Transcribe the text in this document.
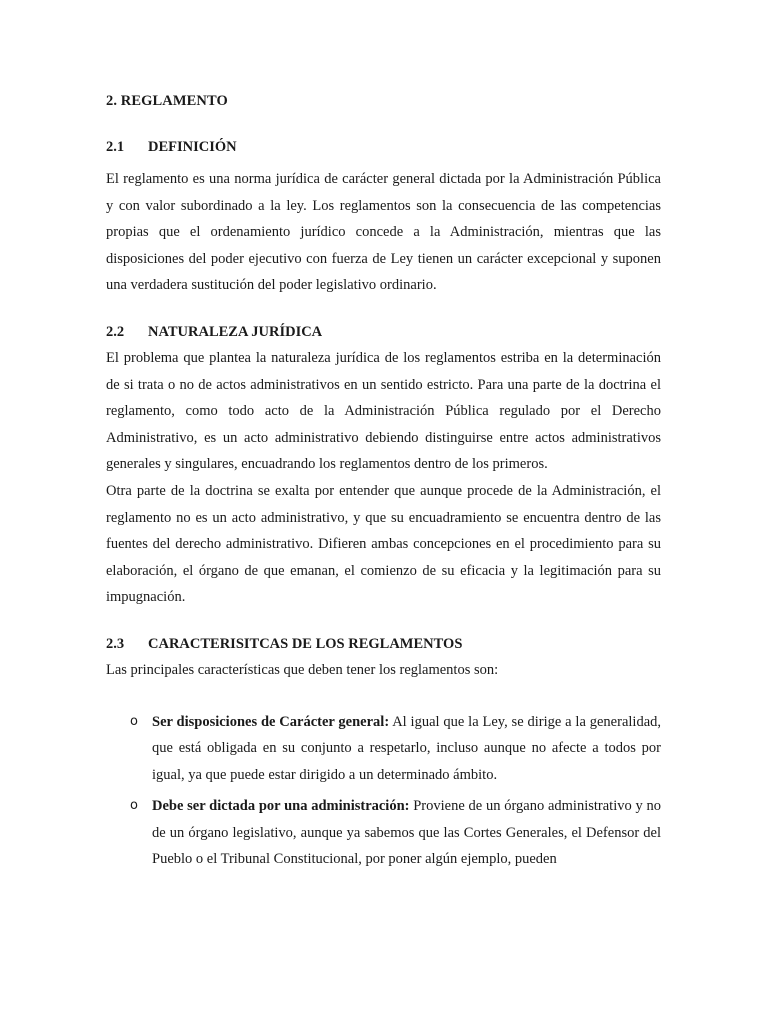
2. REGLAMENTO
2.1	DEFINICIÓN

El reglamento es una norma jurídica de carácter general dictada por la Administración Pública y con valor subordinado a la ley. Los reglamentos son la consecuencia de las competencias propias que el ordenamiento jurídico concede a la Administración, mientras que las disposiciones del poder ejecutivo con fuerza de Ley tienen un carácter excepcional y suponen una verdadera sustitución del poder legislativo ordinario.

2.2	NATURALEZA JURÍDICA

El problema que plantea la naturaleza jurídica de los reglamentos estriba en la determinación de si trata o no de actos administrativos en un sentido estricto. Para una parte de la doctrina el reglamento, como todo acto de la Administración Pública regulado por el Derecho Administrativo, es un acto administrativo debiendo distinguirse entre actos administrativos generales y singulares, encuadrando los reglamentos dentro de los primeros.

Otra parte de la doctrina se exalta por entender que aunque procede de la Administración, el reglamento no es un acto administrativo, y que su encuadramiento se encuentra dentro de las fuentes del derecho administrativo. Difieren ambas concepciones en el procedimiento para su elaboración, el órgano de que emanan, el comienzo de su eficacia y la legitimación para su impugnación.

2.3	CARACTERISITCAS DE LOS REGLAMENTOS

Las principales características que deben tener los reglamentos son:

o Ser disposiciones de Carácter general: Al igual que la Ley, se dirige a la generalidad, que está obligada en su conjunto a respetarlo, incluso aunque no afecte a todos por igual, ya que puede estar dirigido a un determinado ámbito.

o Debe ser dictada por una administración: Proviene de un órgano administrativo y no de un órgano legislativo, aunque ya sabemos que las Cortes Generales, el Defensor del Pueblo o el Tribunal Constitucional, por poner algún ejemplo, pueden
